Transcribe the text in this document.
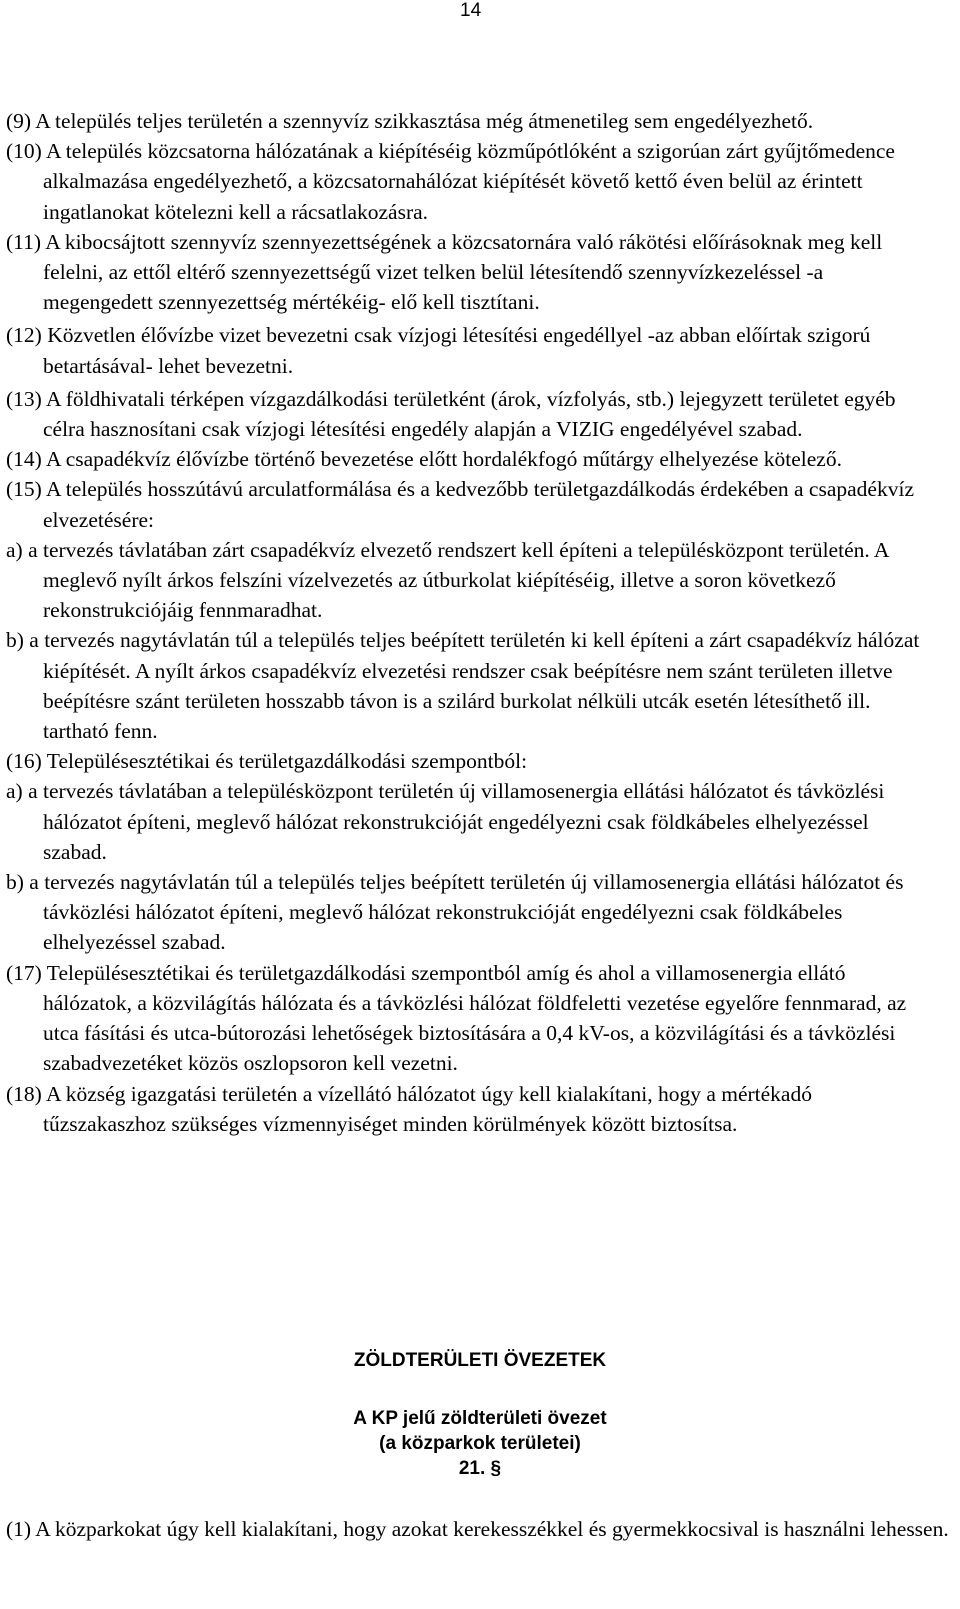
14

(9) A település teljes területén a szennyvíz szikkasztása még átmenetileg sem engedélyezhető.

(10) A település közcsatorna hálózatának a kiépítéséig közműpótlóként a szigorúan zárt gyűjtőmedence alkalmazása engedélyezhető, a közcsatornahálózat kiépítését követő kettő éven belül az érintett ingatlanokat kötelezni kell a rácsatlakozásra.

(11) A kibocsájtott szennyvíz szennyezettségének a közcsatornára való rákötési előírásoknak meg kell felelni, az ettől eltérő szennyezettségű vizet telken belül létesítendő szennyvízkezeléssel -a megengedett szennyezettség mértékéig- elő kell tisztítani.

(12) Közvetlen élővízbe vizet bevezetni csak vízjogi létesítési engedéllyel -az abban előírtak szigorú betartásával- lehet bevezetni.

(13) A földhivatali térképen vízgazdálkodási területként (árok, vízfolyás, stb.) lejegyzett területet egyéb célra hasznosítani csak vízjogi létesítési engedély alapján a VIZIG engedélyével szabad.

(14) A csapadékvíz élővízbe történő bevezetése előtt hordalékfogó műtárgy elhelyezése kötelező.

(15) A település hosszútávú arculatformálása és a kedvezőbb területgazdálkodás érdekében a csapadékvíz elvezetésére:

a) a tervezés távlatában zárt csapadékvíz elvezető rendszert kell építeni a településközpont területén. A meglevő nyílt árkos felszíni vízelvezetés az útburkolat kiépítéséig, illetve a soron következő rekonstrukciójáig fennmaradhat.

b) a tervezés nagytávlatán túl a település teljes beépített területén ki kell építeni a zárt csapadékvíz hálózat kiépítését. A nyílt árkos csapadékvíz elvezetési rendszer csak beépítésre nem szánt területen illetve beépítésre szánt területen hosszabb távon is a szilárd burkolat nélküli utcák esetén létesíthető ill. tartható fenn.

(16) Településesztétikai és területgazdálkodási szempontból:

a) a tervezés távlatában a településközpont területén új villamosenergia ellátási hálózatot és távközlési hálózatot építeni, meglevő hálózat rekonstrukcióját engedélyezni csak földkábeles elhelyezéssel szabad.

b) a tervezés nagytávlatán túl a település teljes beépített területén új villamosenergia ellátási hálózatot és távközlési hálózatot építeni, meglevő hálózat rekonstrukcióját engedélyezni csak földkábeles elhelyezéssel szabad.

(17) Településesztétikai és területgazdálkodási szempontból amíg és ahol a villamosenergia ellátó hálózatok, a közvilágítás hálózata és a távközlési hálózat földfeletti vezetése egyelőre fennmarad, az utca fásítási és utca-bútorozási lehetőségek biztosítására a 0,4 kV-os, a közvilágítási és a távközlési szabadvezetéket közös oszlopsoron kell vezetni.

(18) A község igazgatási területén a vízellátó hálózatot úgy kell kialakítani, hogy a mértékadó tűzszakaszhoz szükséges vízmennyiséget minden körülmények között biztosítsa.

ZÖLDTERÜLETI ÖVEZETEK
A KP jelű zöldterületi övezet
(a közparkok területei)
21. §

(1) A közparkokat úgy kell kialakítani, hogy azokat kerekesszékkel és gyermekkocsival is használni lehessen.
